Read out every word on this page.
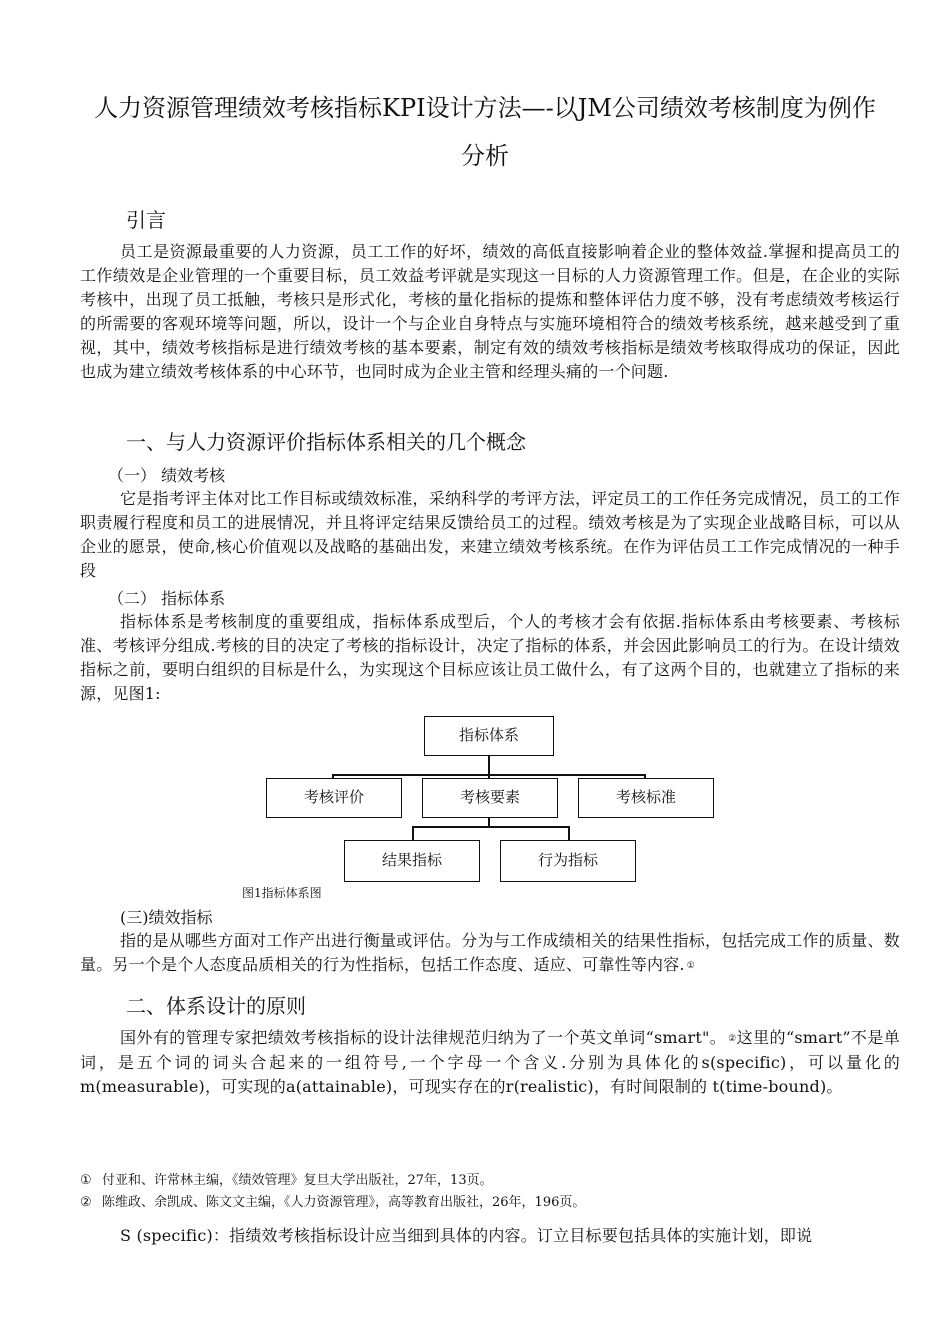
人力资源管理绩效考核指标KPI设计方法—-以JM公司绩效考核制度为例作
分析
引言
员工是资源最重要的人力资源，员工工作的好坏，绩效的高低直接影响着企业的整体效益.掌握和提高员工的工作绩效是企业管理的一个重要目标，员工效益考评就是实现这一目标的人力资源管理工作。但是，在企业的实际考核中，出现了员工抵触，考核只是形式化，考核的量化指标的提炼和整体评估力度不够，没有考虑绩效考核运行的所需要的客观环境等问题，所以，设计一个与企业自身特点与实施环境相符合的绩效考核系统，越来越受到了重视，其中，绩效考核指标是进行绩效考核的基本要素，制定有效的绩效考核指标是绩效考核取得成功的保证，因此也成为建立绩效考核体系的中心环节，也同时成为企业主管和经理头痛的一个问题.
一、与人力资源评价指标体系相关的几个概念
（一） 绩效考核
它是指考评主体对比工作目标或绩效标准，采纳科学的考评方法，评定员工的工作任务完成情况，员工的工作职责履行程度和员工的进展情况，并且将评定结果反馈给员工的过程。绩效考核是为了实现企业战略目标，可以从企业的愿景，使命,核心价值观以及战略的基础出发，来建立绩效考核系统。在作为评估员工工作完成情况的一种手段
（二） 指标体系
指标体系是考核制度的重要组成，指标体系成型后，个人的考核才会有依据.指标体系由考核要素、考核标准、考核评分组成.考核的目的决定了考核的指标设计，决定了指标的体系，并会因此影响员工的行为。在设计绩效指标之前，要明白组织的目标是什么，为实现这个目标应该让员工做什么，有了这两个目的，也就建立了指标的来源，见图1:
指标体系
考核评价	考核要素	考核标准
结果指标	行为指标
图1指标体系图
(三)绩效指标
指的是从哪些方面对工作产出进行衡量或评估。分为与工作成绩相关的结果性指标，包括完成工作的质量、数量。另一个是个人态度品质相关的行为性指标，包括工作态度、适应、可靠性等内容. ①
二、体系设计的原则
国外有的管理专家把绩效考核指标的设计法律规范归纳为了一个英文单词“smart"。 ②这里的“smart”不是单词，是五个词的词头合起来的一组符号,一个字母一个含义.分别为具体化的s(specific)，可以量化的m(measurable)，可实现的a(attainable)，可现实存在的r(realistic)，有时间限制的 t(time-bound)。
① 付亚和、许常林主编，《绩效管理》复旦大学出版社，27年，13页。
② 陈维政、余凯成、陈文文主编，《人力资源管理》，高等教育出版社，26年，196页。
S (specific)：指绩效考核指标设计应当细到具体的内容。订立目标要包括具体的实施计划，即说
